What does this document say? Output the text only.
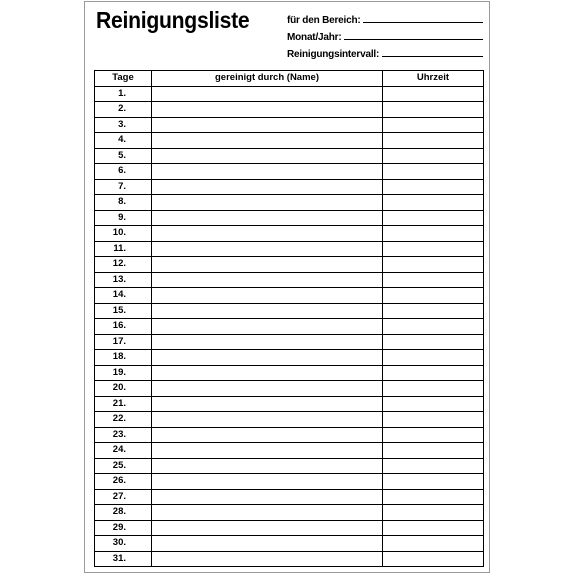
Reinigungsliste	für den Bereich:
Monat/Jahr:
Reinigungsintervall:
Tage	gereinigt durch (Name)	Uhrzeit
1.		
2.		
3.		
4.		
5.		
6.		
7.		
8.		
9.		
10.		
11.		
12.		
13.		
14.		
15.		
16.		
17.		
18.		
19.		
20.		
21.		
22.		
23.		
24.		
25.		
26.		
27.		
28.		
29.		
30.		
31.		
